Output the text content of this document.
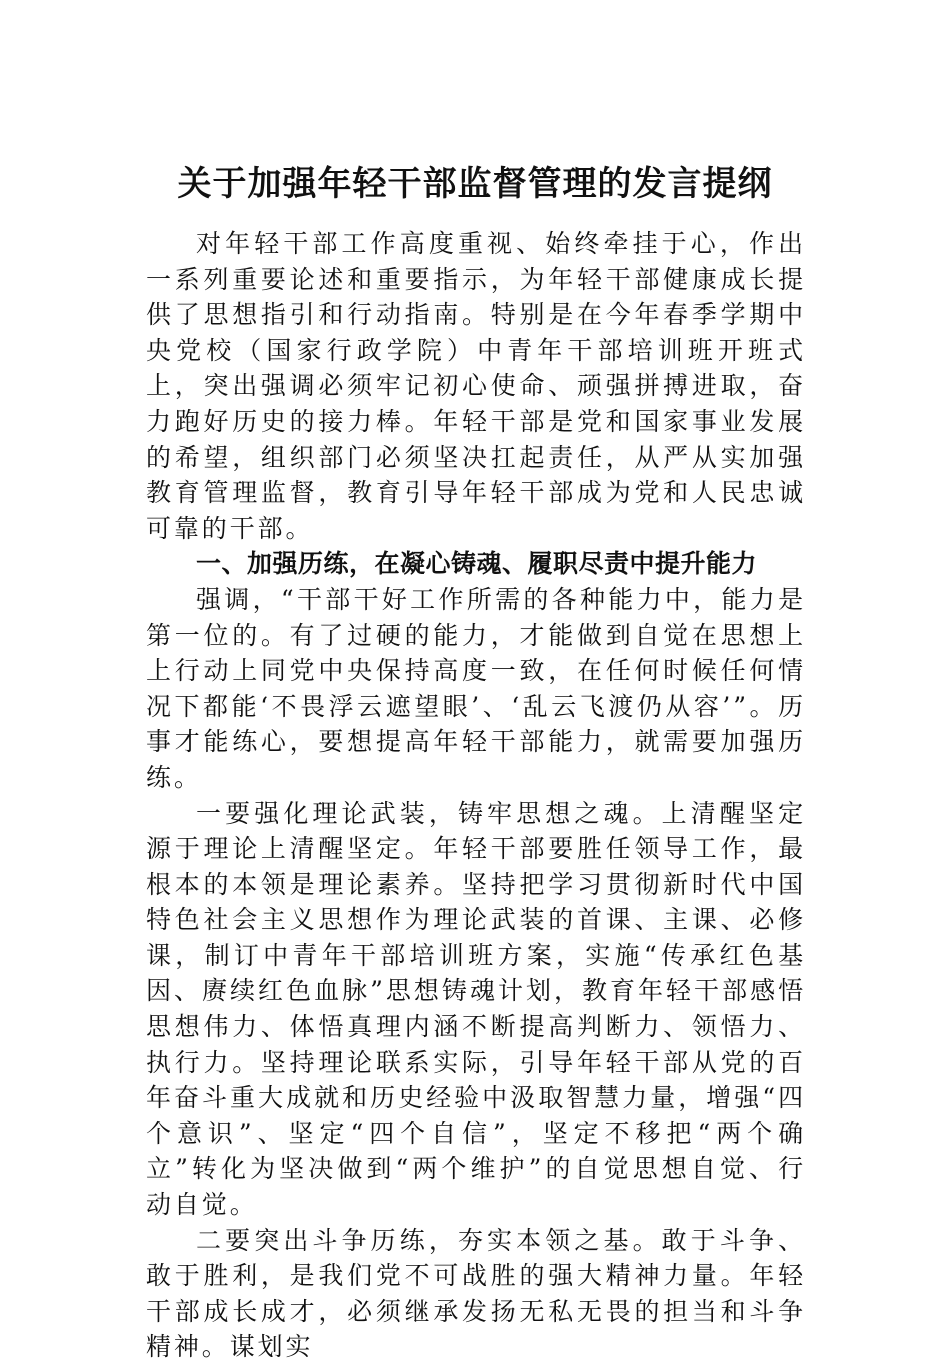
关于加强年轻干部监督管理的发言提纲

对年轻干部工作高度重视、始终牵挂于心，作出一系列重要论述和重要指示，为年轻干部健康成长提供了思想指引和行动指南。特别是在今年春季学期中央党校（国家行政学院）中青年干部培训班开班式上，突出强调必须牢记初心使命、顽强拼搏进取，奋力跑好历史的接力棒。年轻干部是党和国家事业发展的希望，组织部门必须坚决扛起责任，从严从实加强教育管理监督，教育引导年轻干部成为党和人民忠诚可靠的干部。

一、加强历练，在凝心铸魂、履职尽责中提升能力

强调，“干部干好工作所需的各种能力中，能力是第一位的。有了过硬的能力，才能做到自觉在思想上上行动上同党中央保持高度一致，在任何时候任何情况下都能‘不畏浮云遮望眼’、‘乱云飞渡仍从容’”。历事才能练心，要想提高年轻干部能力，就需要加强历练。

一要强化理论武装，铸牢思想之魂。上清醒坚定源于理论上清醒坚定。年轻干部要胜任领导工作，最根本的本领是理论素养。坚持把学习贯彻新时代中国特色社会主义思想作为理论武装的首课、主课、必修课，制订中青年干部培训班方案，实施“传承红色基因、赓续红色血脉”思想铸魂计划，教育年轻干部感悟思想伟力、体悟真理内涵不断提高判断力、领悟力、执行力。坚持理论联系实际，引导年轻干部从党的百年奋斗重大成就和历史经验中汲取智慧力量，增强“四个意识”、坚定“四个自信”，坚定不移把“两个确立”转化为坚决做到“两个维护”的自觉思想自觉、行动自觉。

二要突出斗争历练，夯实本领之基。敢于斗争、敢于胜利，是我们党不可战胜的强大精神力量。年轻干部成长成才，必须继承发扬无私无畏的担当和斗争精神。谋划实
